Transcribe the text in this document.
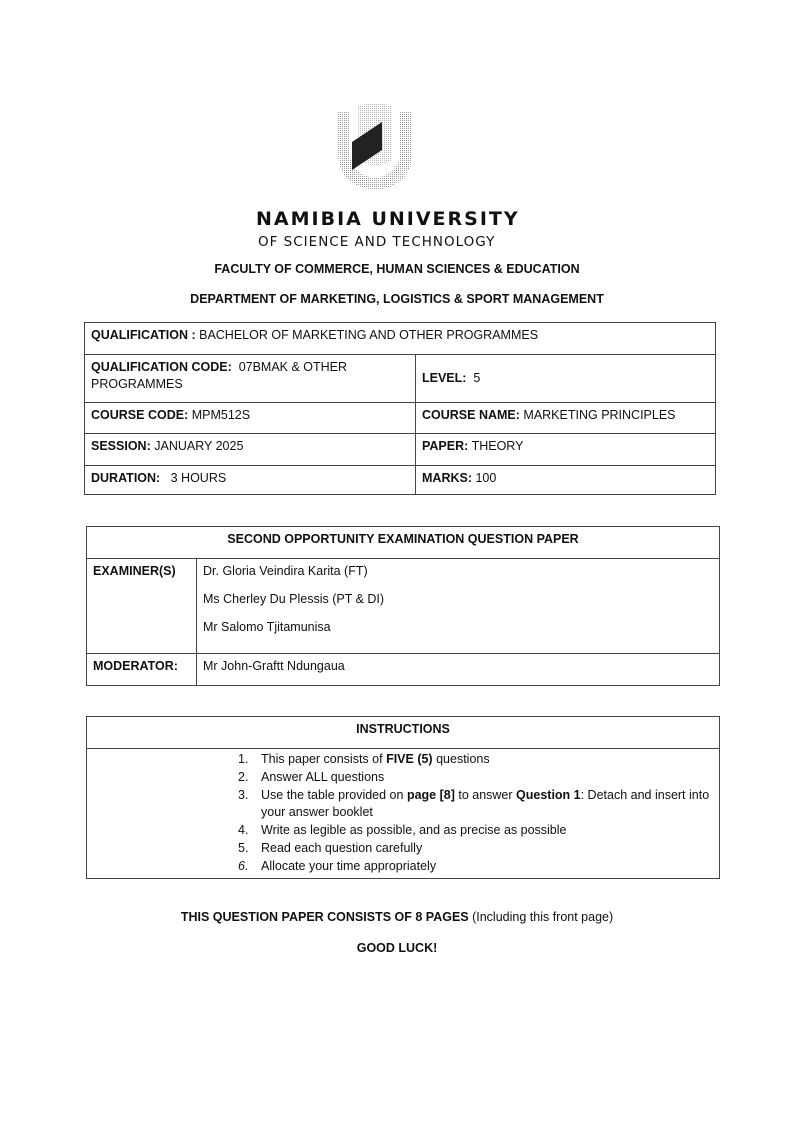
NAMIBIA UNIVERSITY
OF SCIENCE AND TECHNOLOGY
FACULTY OF COMMERCE, HUMAN SCIENCES & EDUCATION
DEPARTMENT OF MARKETING, LOGISTICS & SPORT MANAGEMENT
QUALIFICATION : BACHELOR OF MARKETING AND OTHER PROGRAMMES	
QUALIFICATION CODE: 07BMAK & OTHER PROGRAMMES	LEVEL: 5
COURSE CODE: MPM512S	COURSE NAME: MARKETING PRINCIPLES
SESSION: JANUARY 2025	PAPER: THEORY
DURATION: 3 HOURS	MARKS: 100
SECOND OPPORTUNITY EXAMINATION QUESTION PAPER	
EXAMINER(S)	Dr. Gloria Veindira Karita (FT)

Ms Cherley Du Plessis (PT & DI)

Mr Salomo Tjitamunisa

MODERATOR:	Mr John-Graftt Ndungaua
INSTRUCTIONS

1. This paper consists of FIVE (5) questions
2. Answer ALL questions
3. Use the table provided on page [8] to answer Question 1: Detach and insert into your answer booklet
4. Write as legible as possible, and as precise as possible
5. Read each question carefully
6. Allocate your time appropriately
THIS QUESTION PAPER CONSISTS OF 8 PAGES (Including this front page)
GOOD LUCK!
